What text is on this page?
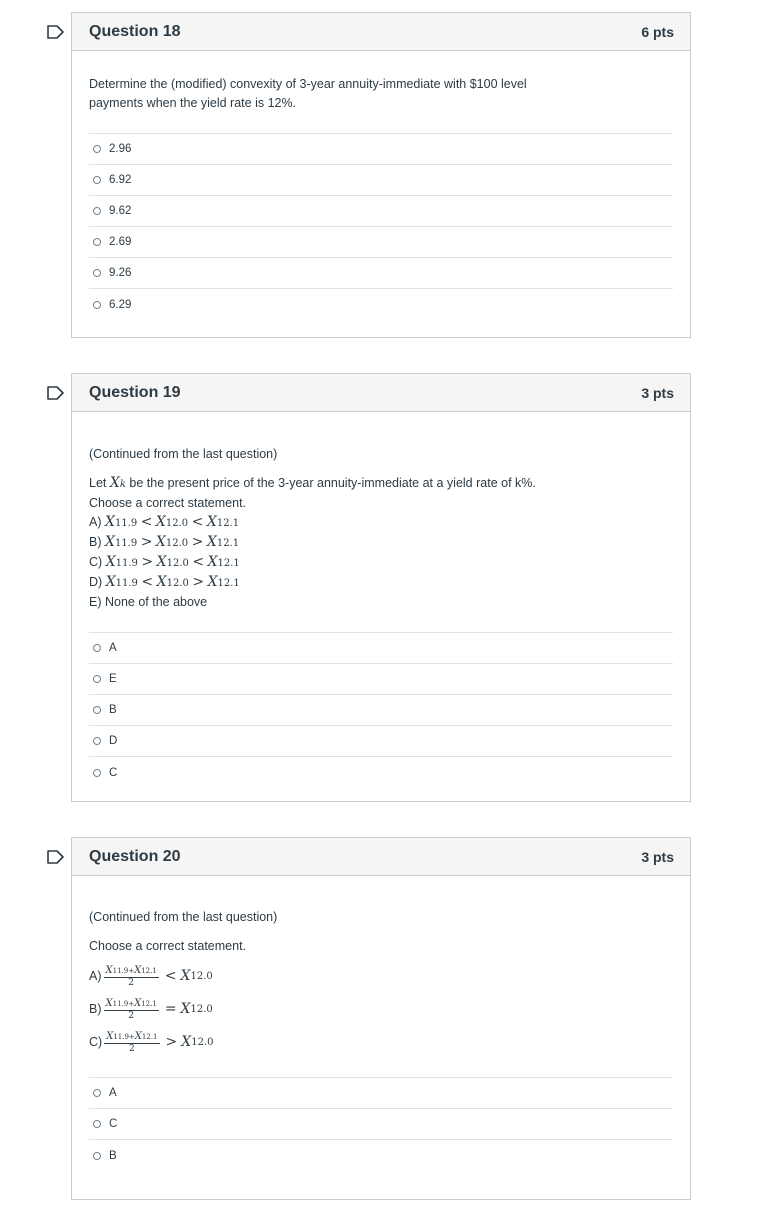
Question 18	6 pts

Determine the (modified) convexity of 3-year annuity-immediate with $100 level

payments when the yield rate is 12%.

2.96
6.92
9.62
2.69
9.26
6.29
Question 19	3 pts

(Continued from the last question)

Let Xk be the present price of the 3-year annuity-immediate at a yield rate of k%.

Choose a correct statement.

A) X11.9 < X12.0 < X12.1
B) X11.9 > X12.0 > X12.1
C) X11.9 > X12.0 < X12.1
D) X11.9 < X12.0 > X12.1

E) None of the above

A
E
B
D
C
Question 20	3 pts

(Continued from the last question)

Choose a correct statement.

$A) \frac{X11.9+X12.1}{2} < X$ 12.0
$B) \frac{X11.9+X12.1}{2} = X$ 12.0
$C) \frac{X11.9+X12.1}{2} > X$ 12.0
A
C
B
